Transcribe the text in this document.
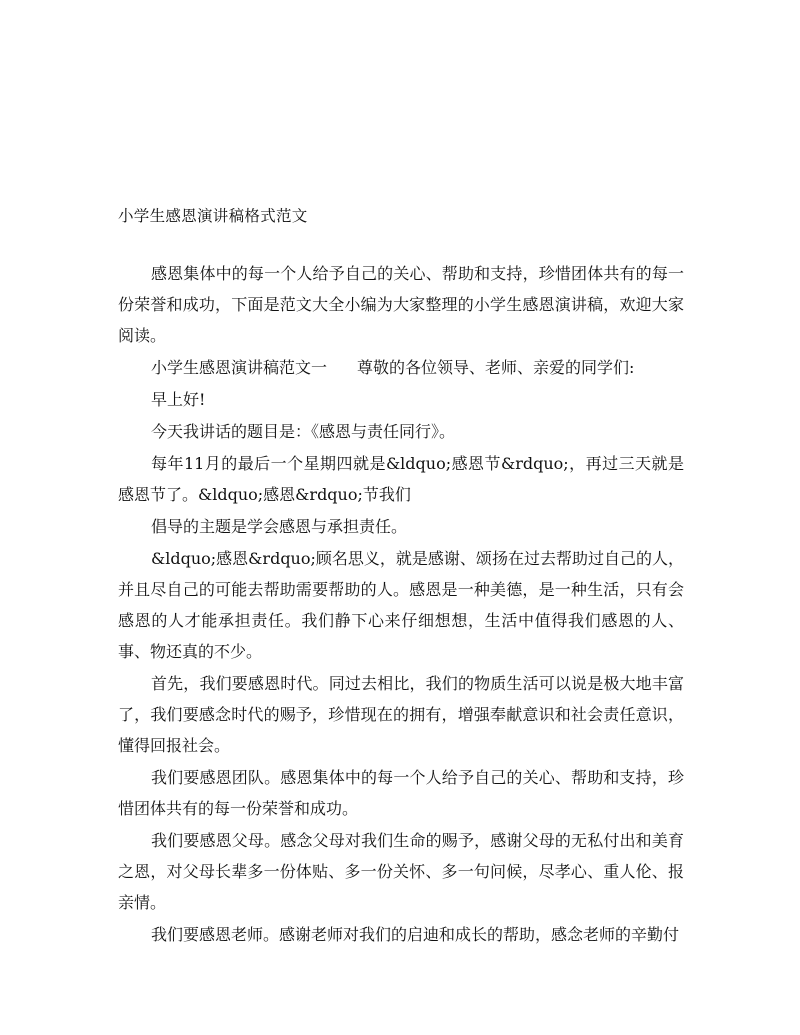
小学生感恩演讲稿格式范文

感恩集体中的每一个人给予自己的关心、帮助和支持，珍惜团体共有的每一份荣誉和成功，下面是范文大全小编为大家整理的小学生感恩演讲稿，欢迎大家阅读。

小学生感恩演讲稿范文一 尊敬的各位领导、老师、亲爱的同学们:

早上好!

今天我讲话的题目是：《感恩与责任同行》。

每年11月的最后一个星期四就是&ldquo;感恩节&rdquo;，再过三天就是感恩节了。&ldquo;感恩&rdquo;节我们

倡导的主题是学会感恩与承担责任。

&ldquo;感恩&rdquo;顾名思义，就是感谢、颂扬在过去帮助过自己的人，并且尽自己的可能去帮助需要帮助的人。感恩是一种美德，是一种生活，只有会感恩的人才能承担责任。我们静下心来仔细想想，生活中值得我们感恩的人、事、物还真的不少。

首先，我们要感恩时代。同过去相比，我们的物质生活可以说是极大地丰富了，我们要感念时代的赐予，珍惜现在的拥有，增强奉献意识和社会责任意识，懂得回报社会。

我们要感恩团队。感恩集体中的每一个人给予自己的关心、帮助和支持，珍惜团体共有的每一份荣誉和成功。

我们要感恩父母。感念父母对我们生命的赐予，感谢父母的无私付出和美育之恩，对父母长辈多一份体贴、多一份关怀、多一句问候，尽孝心、重人伦、报亲情。

我们要感恩老师。感谢老师对我们的启迪和成长的帮助，感念老师的辛勤付
